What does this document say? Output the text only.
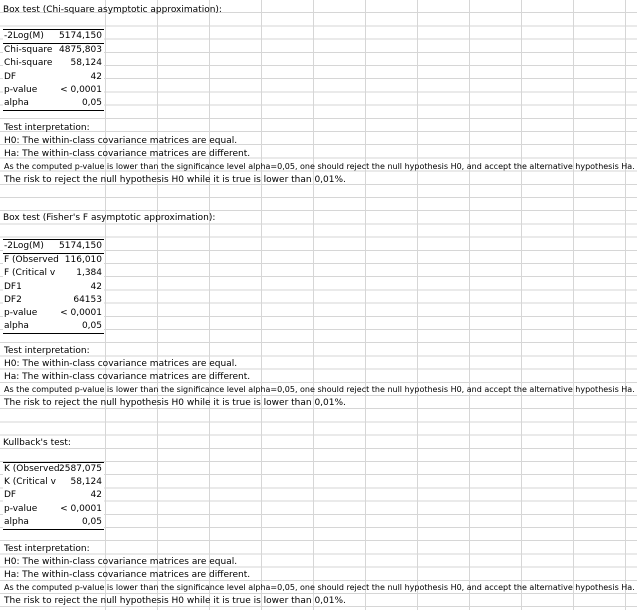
Box test (Chi-square asymptotic approximation):
-2Log(M)	5174,150
Chi-square 4875,803
Chi-square 58,124
DF	42
p-value	< 0,0001
alpha	0,05
Test interpretation:
H0: The within-class covariance matrices are equal.
Ha: The within-class covariance matrices are different.
As the computed p-value is lower than the significance level alpha=0,05, one should reject the null hypothesis H0, and accept the alternative hypothesis Ha.
The risk to reject the null hypothesis H0 while it is true is lower than 0,01%.
Box test (Fisher's F asymptotic approximation):
-2Log(M)	5174,150
F (Observed 116,010
F (Critical v 1,384
DF1	42
DF2	64153
p-value	< 0,0001
alpha	0,05
Test interpretation:
H0: The within-class covariance matrices are equal.
Ha: The within-class covariance matrices are different.
As the computed p-value is lower than the significance level alpha=0,05, one should reject the null hypothesis H0, and accept the alternative hypothesis Ha.
The risk to reject the null hypothesis H0 while it is true is lower than 0,01%.
Kullback's test:
K (Observed 2587,075
K (Critical v 58,124
DF	42
p-value	< 0,0001
alpha	0,05
Test interpretation:
H0: The within-class covariance matrices are equal.
Ha: The within-class covariance matrices are different.
As the computed p-value is lower than the significance level alpha=0,05, one should reject the null hypothesis H0, and accept the alternative hypothesis Ha.
The risk to reject the null hypothesis H0 while it is true is lower than 0,01%.
